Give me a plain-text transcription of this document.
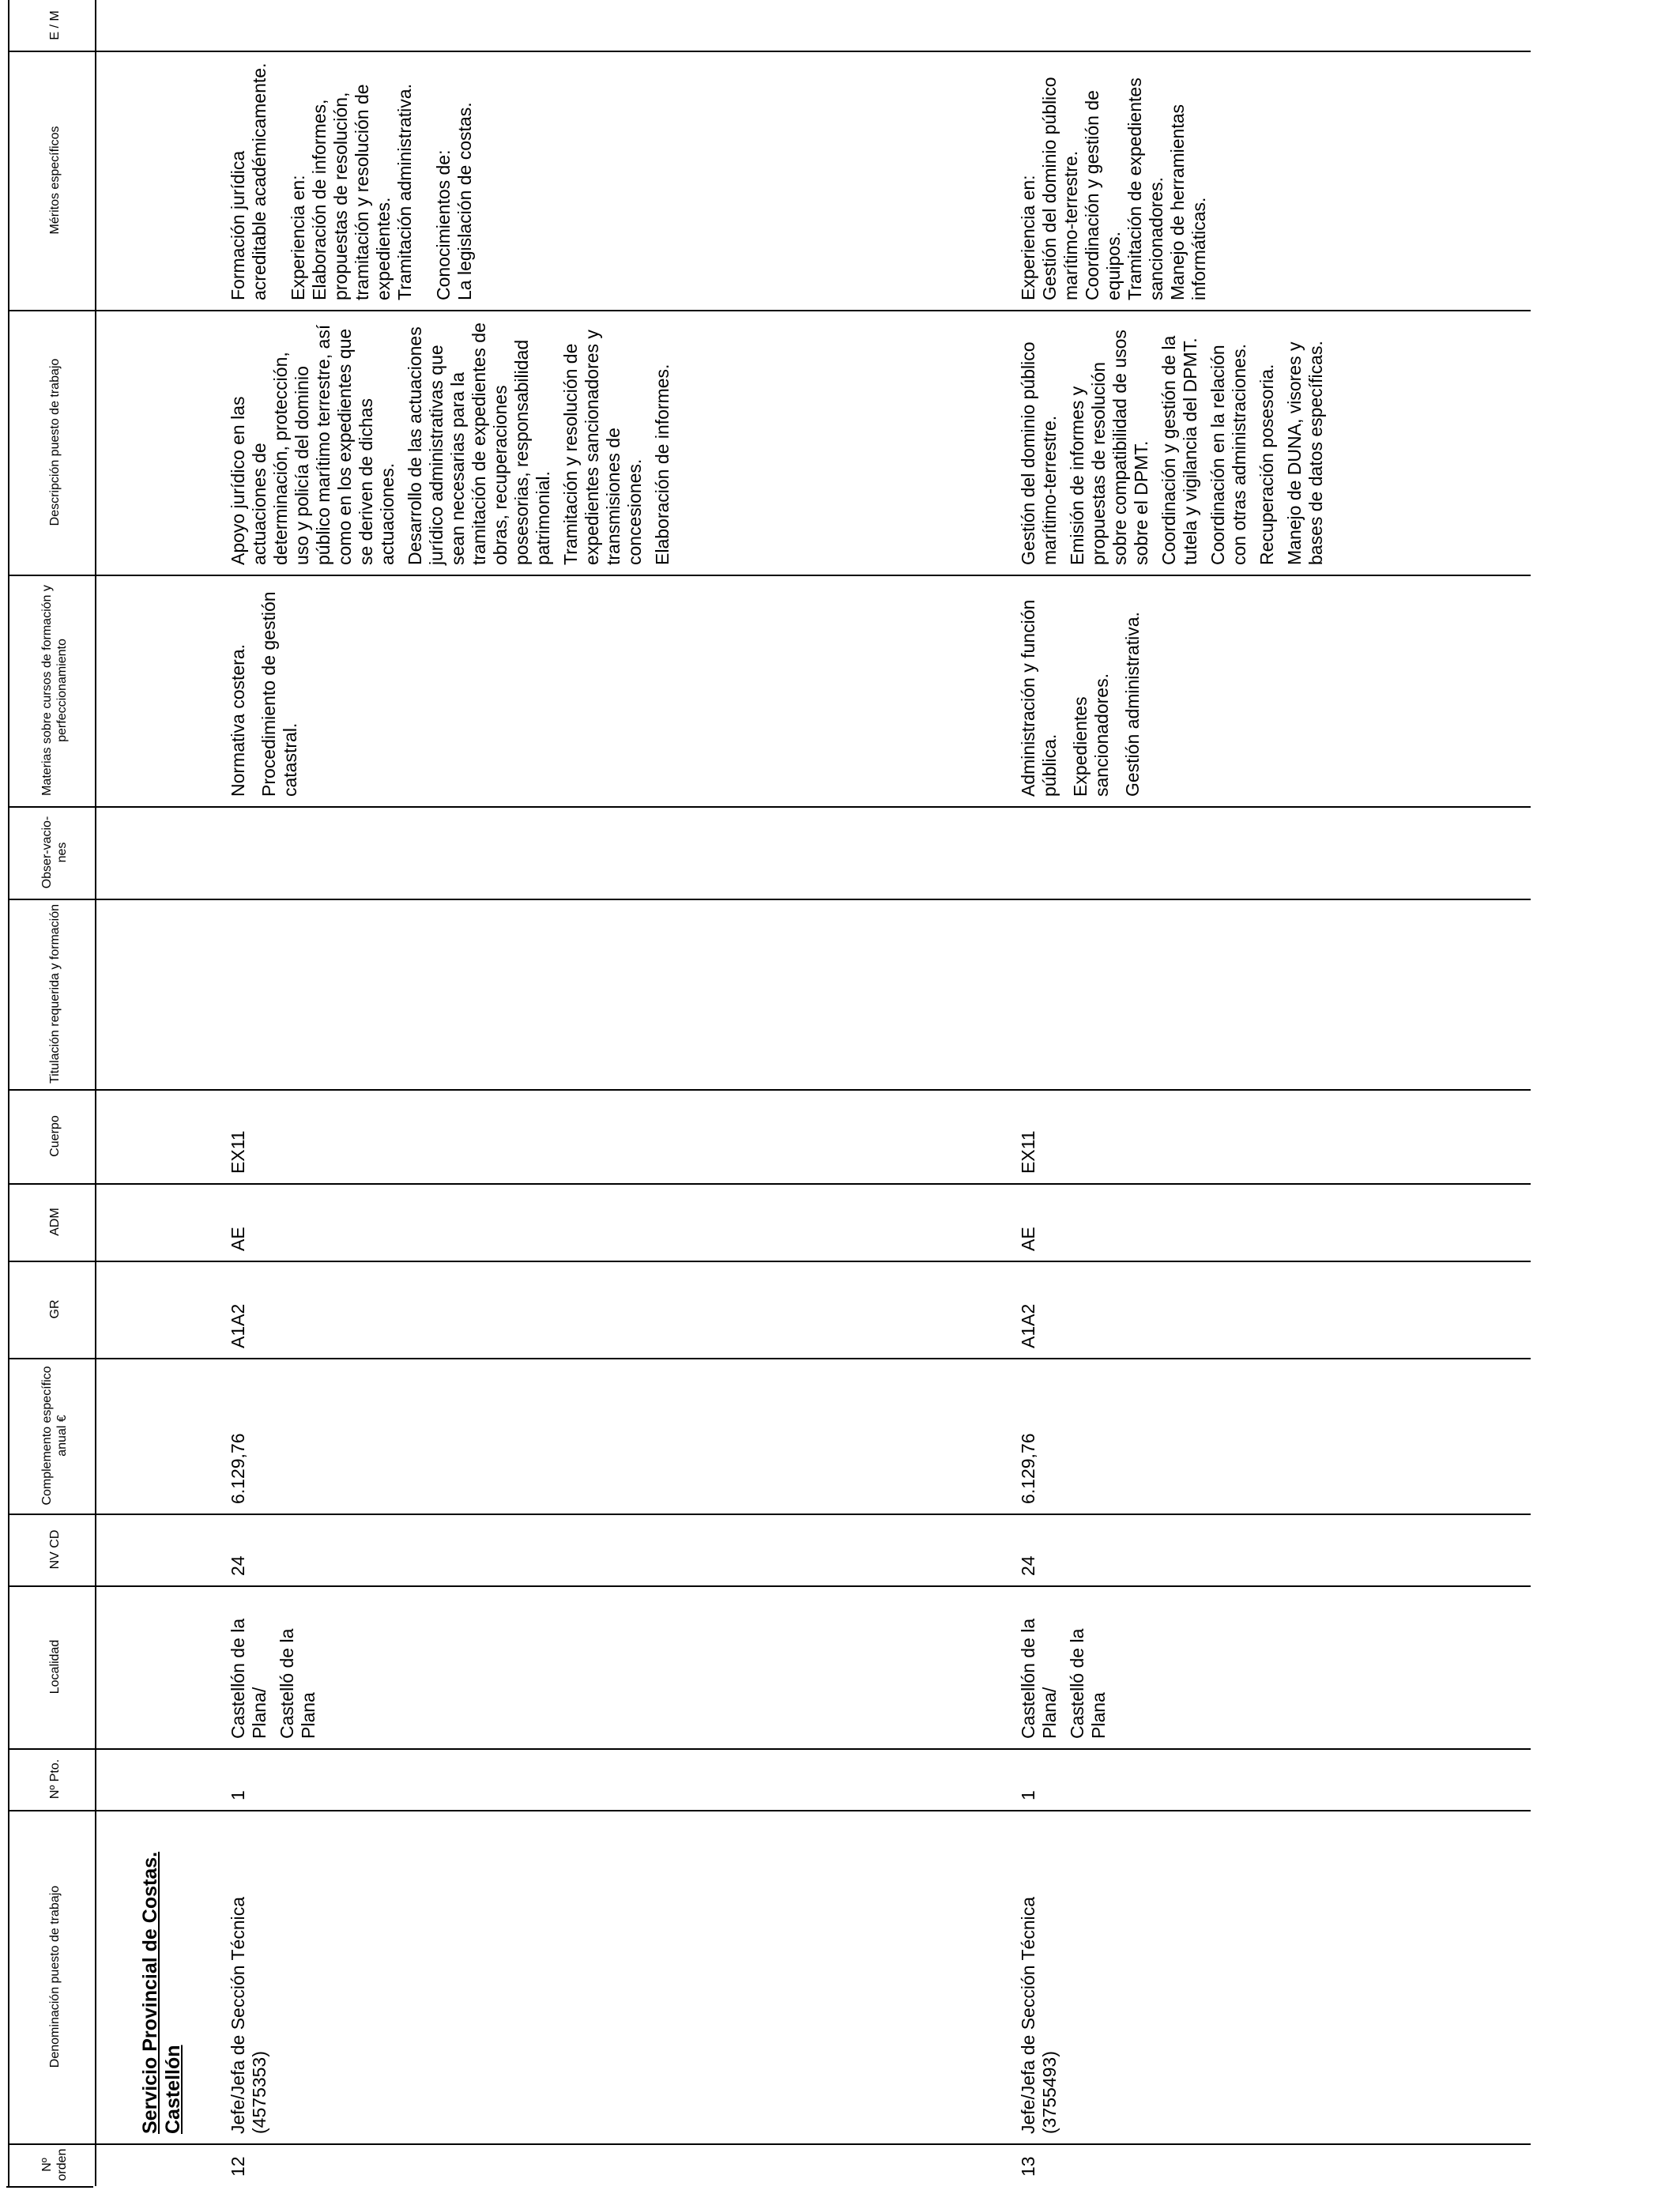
Nº orden
Denominación puesto de trabajo
Nº Pto.
Localidad
NV CD
Complemento específico anual €
GR
ADM
Cuerpo
Titulación requerida y formación
Obser-vacio-nes
Materias sobre cursos de formación y perfeccionamiento
Descripción puesto de trabajo
Méritos específicos
E / M
Servicio Provincial de Costas. Castellón
12
Jefe/Jefa de Sección Técnica (4575353)
1

Castellón de la Plana/ Castelló de la Plana

24
6.129,76
A1A2
AE
EX11

Normativa costera. Procedimiento de gestión catastral.

Apoyo jurídico en las actuaciones de determinación, protección, uso y policía del dominio público marítimo terrestre, así como en los expedientes que se deriven de dichas actuaciones. Desarrollo de las actuaciones jurídico administrativas que sean necesarias para la tramitación de expedientes de obras, recuperaciones posesorias, responsabilidad patrimonial. Tramitación y resolución de expedientes sancionadores y transmisiones de concesiones. Elaboración de informes.

Formación jurídica acreditable académicamente. Experiencia en: Elaboración de informes, propuestas de resolución, tramitación y resolución de expedientes. Tramitación administrativa. Conocimientos de: La legislación de costas.

13
Jefe/Jefa de Sección Técnica (3755493)
1

Castellón de la Plana/ Castelló de la Plana

24
6.129,76
A1A2
AE
EX11

Administración y función pública. Expedientes sancionadores. Gestión administrativa.

Gestión del dominio público marítimo-terrestre. Emisión de informes y propuestas de resolución sobre compatibilidad de usos sobre el DPMT. Coordinación y gestión de la tutela y vigilancia del DPMT. Coordinación en la relación con otras administraciones. Recuperación posesoria. Manejo de DUNA, visores y bases de datos específicas.

Experiencia en: Gestión del dominio público marítimo-terrestre. Coordinación y gestión de equipos. Tramitación de expedientes sancionadores. Manejo de herramientas informáticas.
